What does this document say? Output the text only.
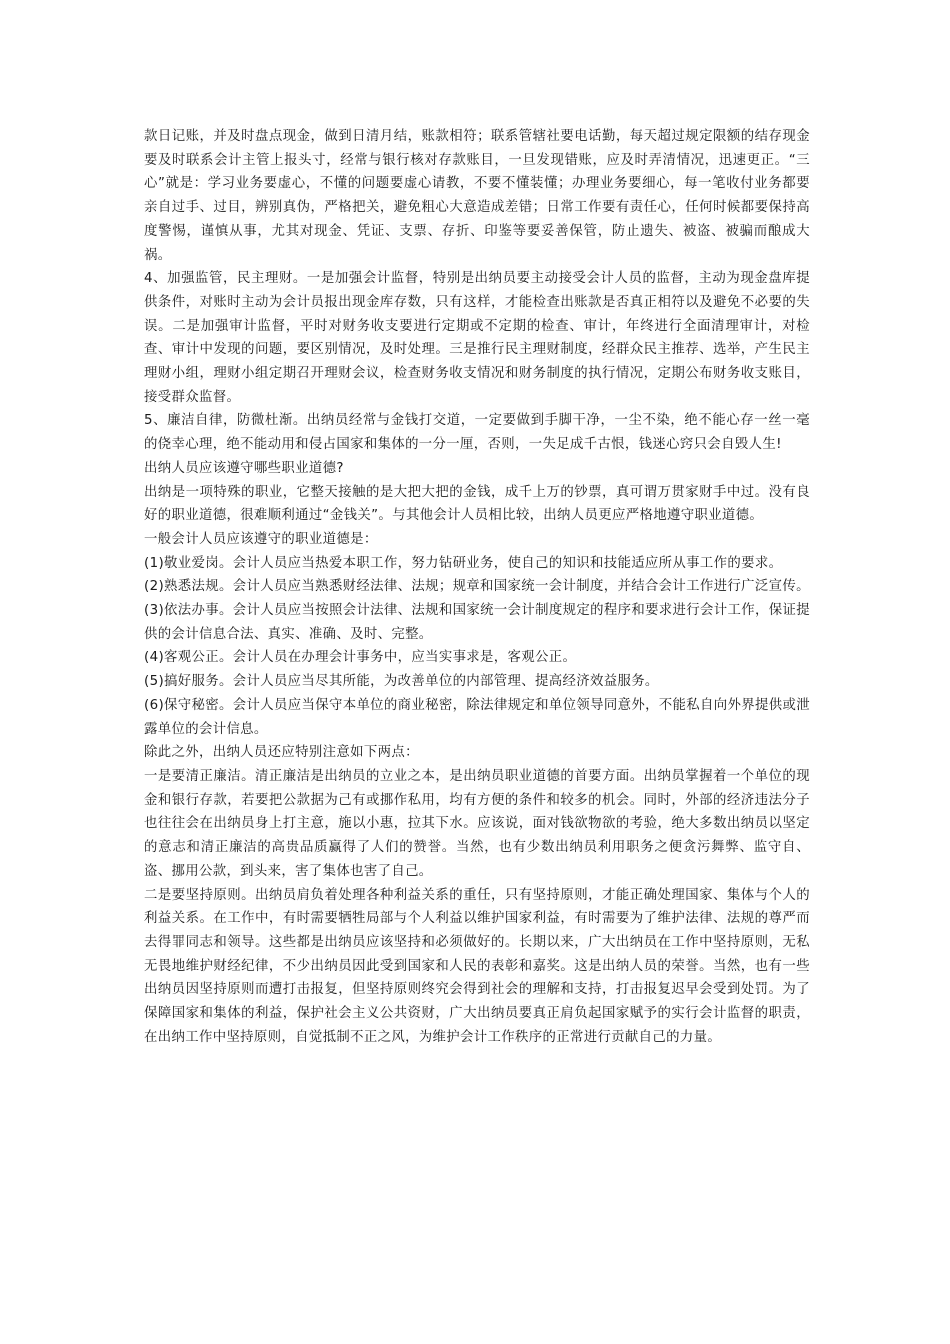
款日记账，并及时盘点现金，做到日清月结，账款相符；联系管辖社要电话勤，每天超过规定限额的结存现金要及时联系会计主管上报头寸，经常与银行核对存款账目，一旦发现错账，应及时弄清情况，迅速更正。“三心”就是：学习业务要虚心，不懂的问题要虚心请教，不要不懂装懂；办理业务要细心，每一笔收付业务都要亲自过手、过目，辨别真伪，严格把关，避免粗心大意造成差错；日常工作要有责任心，任何时候都要保持高度警惕，谨慎从事，尤其对现金、凭证、支票、存折、印鉴等要妥善保管，防止遗失、被盗、被骗而酿成大祸。

4、加强监管，民主理财。一是加强会计监督，特别是出纳员要主动接受会计人员的监督，主动为现金盘库提供条件，对账时主动为会计员报出现金库存数，只有这样，才能检查出账款是否真正相符以及避免不必要的失误。二是加强审计监督，平时对财务收支要进行定期或不定期的检查、审计，年终进行全面清理审计，对检查、审计中发现的问题，要区别情况，及时处理。三是推行民主理财制度，经群众民主推荐、选举，产生民主理财小组，理财小组定期召开理财会议，检查财务收支情况和财务制度的执行情况，定期公布财务收支账目，接受群众监督。

5、廉洁自律，防微杜渐。出纳员经常与金钱打交道，一定要做到手脚干净，一尘不染，绝不能心存一丝一毫的侥幸心理，绝不能动用和侵占国家和集体的一分一厘，否则，一失足成千古恨，钱迷心窍只会自毁人生!

出纳人员应该遵守哪些职业道德?

出纳是一项特殊的职业，它整天接触的是大把大把的金钱，成千上万的钞票，真可谓万贯家财手中过。没有良好的职业道德，很难顺利通过“金钱关”。与其他会计人员相比较，出纳人员更应严格地遵守职业道德。

一般会计人员应该遵守的职业道德是：

(1)敬业爱岗。会计人员应当热爱本职工作，努力钻研业务，使自己的知识和技能适应所从事工作的要求。

(2)熟悉法规。会计人员应当熟悉财经法律、法规；规章和国家统一会计制度，并结合会计工作进行广泛宣传。

(3)依法办事。会计人员应当按照会计法律、法规和国家统一会计制度规定的程序和要求进行会计工作，保证提供的会计信息合法、真实、准确、及时、完整。

(4)客观公正。会计人员在办理会计事务中，应当实事求是，客观公正。

(5)搞好服务。会计人员应当尽其所能，为改善单位的内部管理、提高经济效益服务。

(6)保守秘密。会计人员应当保守本单位的商业秘密，除法律规定和单位领导同意外，不能私自向外界提供或泄露单位的会计信息。

除此之外，出纳人员还应特别注意如下两点：

一是要清正廉洁。清正廉洁是出纳员的立业之本，是出纳员职业道德的首要方面。出纳员掌握着一个单位的现金和银行存款，若要把公款据为己有或挪作私用，均有方便的条件和较多的机会。同时，外部的经济违法分子也往往会在出纳员身上打主意，施以小惠，拉其下水。应该说，面对钱欲物欲的考验，绝大多数出纳员以坚定的意志和清正廉洁的高贵品质赢得了人们的赞誉。当然，也有少数出纳员利用职务之便贪污舞弊、监守自、盗、挪用公款，到头来，害了集体也害了自己。

二是要坚持原则。出纳员肩负着处理各种利益关系的重任，只有坚持原则，才能正确处理国家、集体与个人的利益关系。在工作中，有时需要牺牲局部与个人利益以维护国家利益，有时需要为了维护法律、法规的尊严而去得罪同志和领导。这些都是出纳员应该坚持和必须做好的。长期以来，广大出纳员在工作中坚持原则，无私无畏地维护财经纪律，不少出纳员因此受到国家和人民的表彰和嘉奖。这是出纳人员的荣誉。当然，也有一些出纳员因坚持原则而遭打击报复，但坚持原则终究会得到社会的理解和支持，打击报复迟早会受到处罚。为了保障国家和集体的利益，保护社会主义公共资财，广大出纳员要真正肩负起国家赋予的实行会计监督的职责，在出纳工作中坚持原则，自觉抵制不正之风，为维护会计工作秩序的正常进行贡献自己的力量。
